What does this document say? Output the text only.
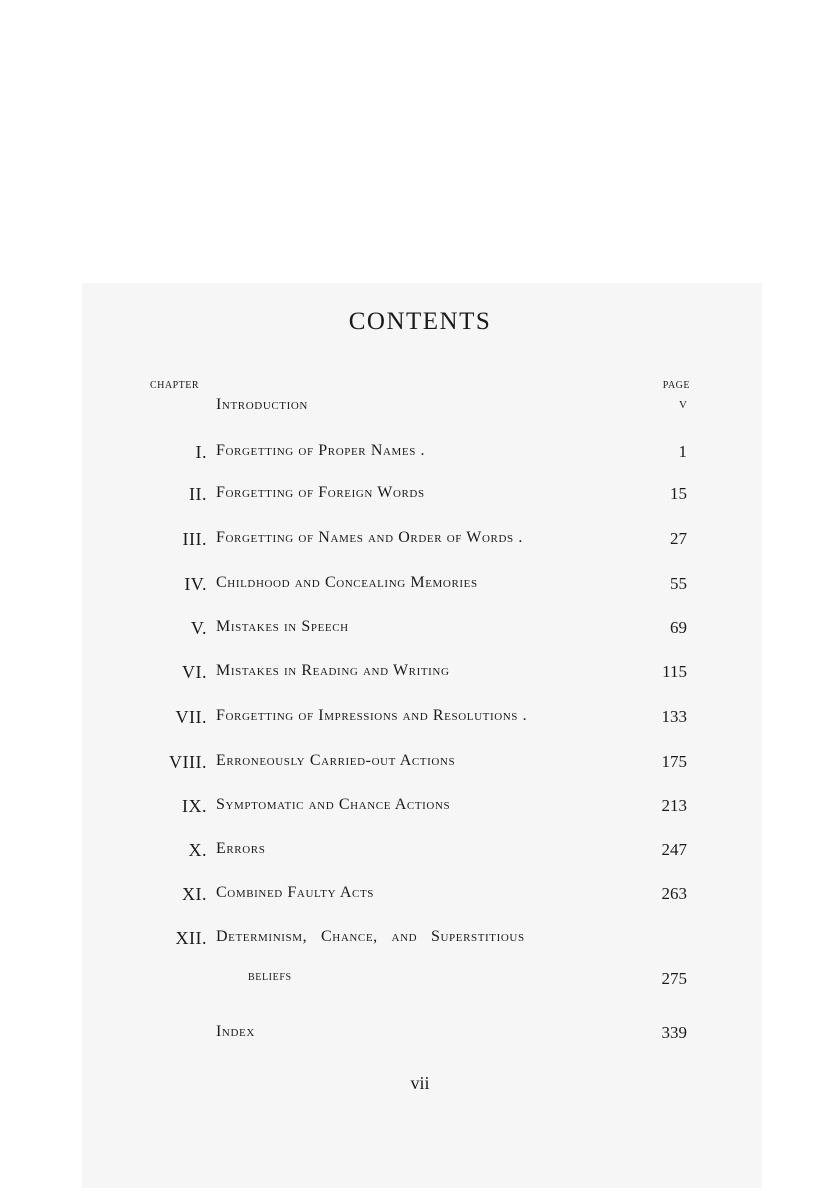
CONTENTS
CHAPTER	PAGE
Introduction	v
I. Forgetting of Proper Names .	1
II. Forgetting of Foreign Words	15
III. Forgetting of Names and Order of Words .	27
IV. Childhood and Concealing Memories	55
V. Mistakes in Speech	69
VI. Mistakes in Reading and Writing	115
VII. Forgetting of Impressions and Resolutions .	133
VIII. Erroneously Carried-out Actions	175
IX. Symptomatic and Chance Actions	213
X. Errors	247
XI. Combined Faulty Acts	263
XII. Determinism,   Chance,   and   Superstitious
beliefs	275
Index	339
vii
